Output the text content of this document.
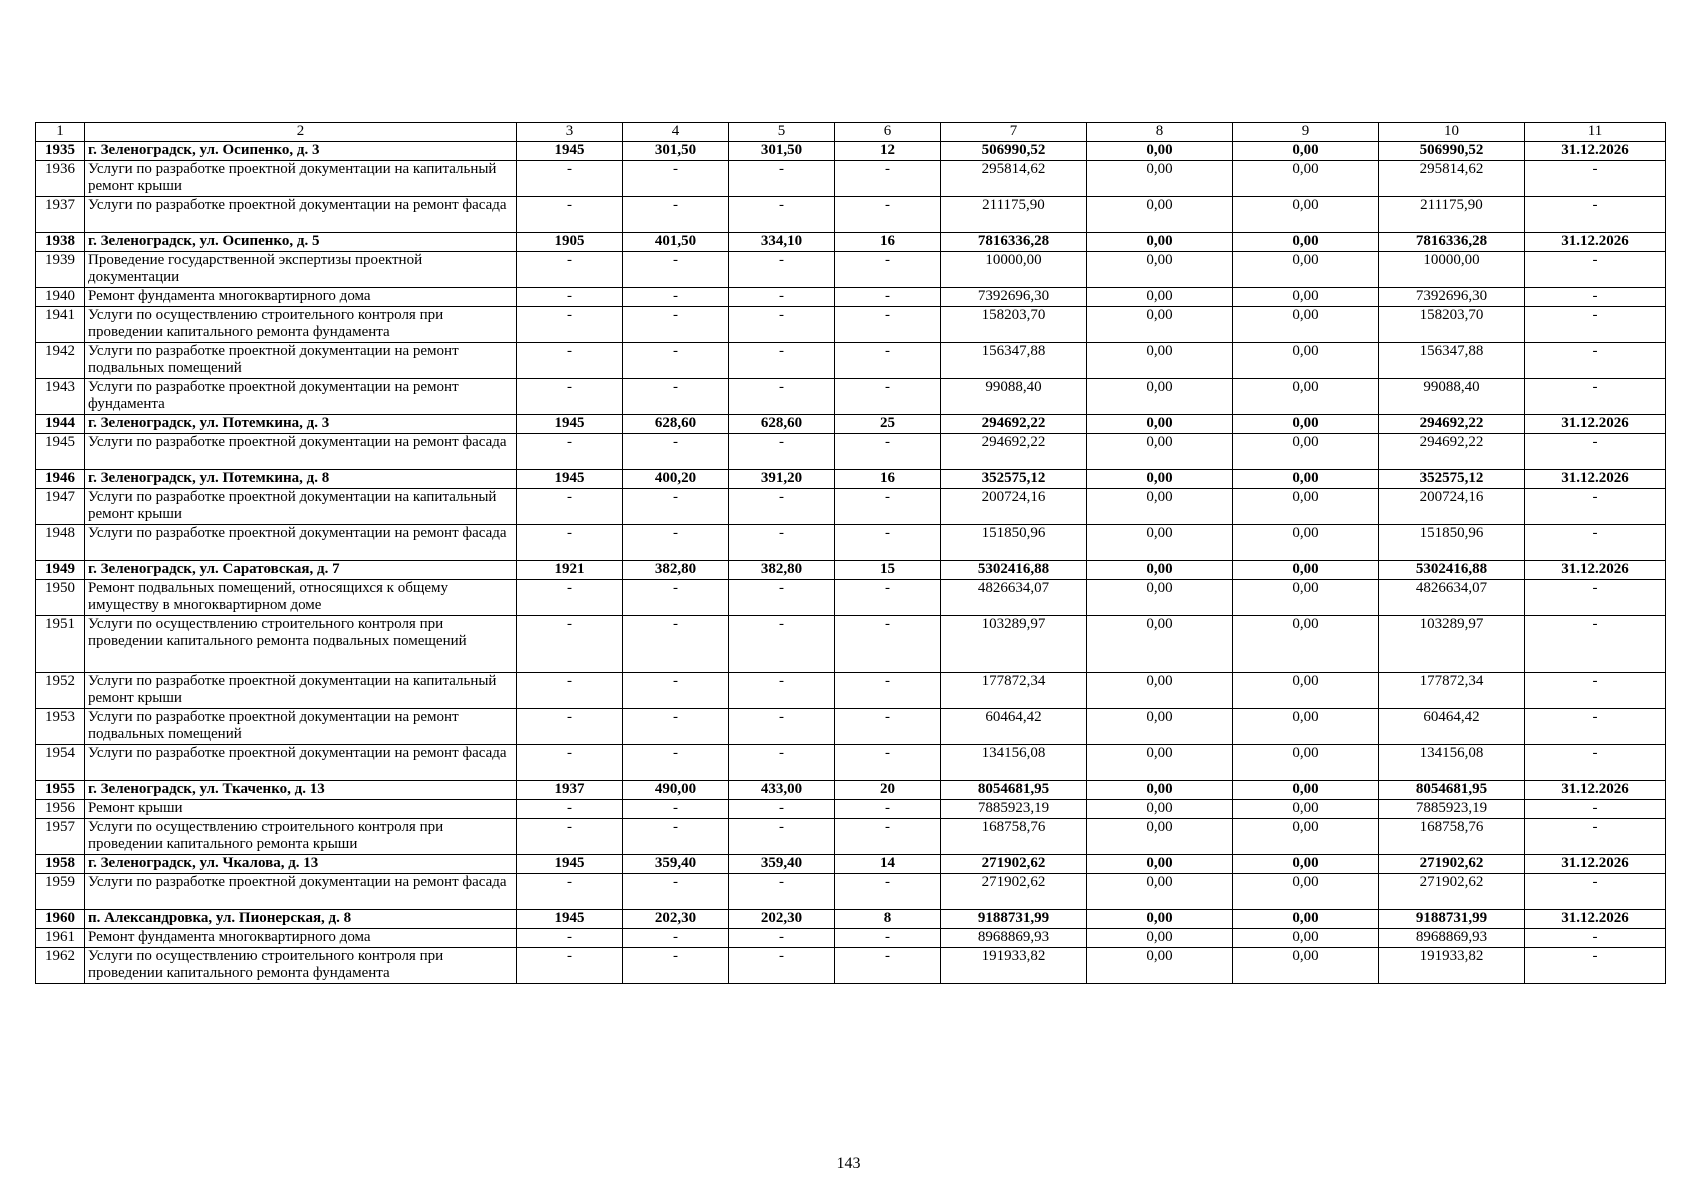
1	2	3	4	5	6	7	8	9	10	11
1935	г. Зеленоградск, ул. Осипенко, д. 3	1945	301,50	301,50	12	506990,52	0,00	0,00	506990,52	31.12.2026
1936	Услуги по разработке проектной документации на капитальный ремонт крыши	-	-	-	-	295814,62	0,00	0,00	295814,62	-
1937	Услуги по разработке проектной документации на ремонт фасада	-	-	-	-	211175,90	0,00	0,00	211175,90	-
1938	г. Зеленоградск, ул. Осипенко, д. 5	1905	401,50	334,10	16	7816336,28	0,00	0,00	7816336,28	31.12.2026
1939	Проведение государственной экспертизы проектной документации	-	-	-	-	10000,00	0,00	0,00	10000,00	-
1940	Ремонт фундамента многоквартирного дома	-	-	-	-	7392696,30	0,00	0,00	7392696,30	-
1941	Услуги по осуществлению строительного контроля при проведении капитального ремонта фундамента	-	-	-	-	158203,70	0,00	0,00	158203,70	-
1942	Услуги по разработке проектной документации на ремонт подвальных помещений	-	-	-	-	156347,88	0,00	0,00	156347,88	-
1943	Услуги по разработке проектной документации на ремонт фундамента	-	-	-	-	99088,40	0,00	0,00	99088,40	-
1944	г. Зеленоградск, ул. Потемкина, д. 3	1945	628,60	628,60	25	294692,22	0,00	0,00	294692,22	31.12.2026
1945	Услуги по разработке проектной документации на ремонт фасада	-	-	-	-	294692,22	0,00	0,00	294692,22	-
1946	г. Зеленоградск, ул. Потемкина, д. 8	1945	400,20	391,20	16	352575,12	0,00	0,00	352575,12	31.12.2026
1947	Услуги по разработке проектной документации на капитальный ремонт крыши	-	-	-	-	200724,16	0,00	0,00	200724,16	-
1948	Услуги по разработке проектной документации на ремонт фасада	-	-	-	-	151850,96	0,00	0,00	151850,96	-
1949	г. Зеленоградск, ул. Саратовская, д. 7	1921	382,80	382,80	15	5302416,88	0,00	0,00	5302416,88	31.12.2026
1950	Ремонт подвальных помещений, относящихся к общему имуществу в многоквартирном доме	-	-	-	-	4826634,07	0,00	0,00	4826634,07	-
1951	Услуги по осуществлению строительного контроля при проведении капитального ремонта подвальных помещений	-	-	-	-	103289,97	0,00	0,00	103289,97	-
1952	Услуги по разработке проектной документации на капитальный ремонт крыши	-	-	-	-	177872,34	0,00	0,00	177872,34	-
1953	Услуги по разработке проектной документации на ремонт подвальных помещений	-	-	-	-	60464,42	0,00	0,00	60464,42	-
1954	Услуги по разработке проектной документации на ремонт фасада	-	-	-	-	134156,08	0,00	0,00	134156,08	-
1955	г. Зеленоградск, ул. Ткаченко, д. 13	1937	490,00	433,00	20	8054681,95	0,00	0,00	8054681,95	31.12.2026
1956	Ремонт крыши	-	-	-	-	7885923,19	0,00	0,00	7885923,19	-
1957	Услуги по осуществлению строительного контроля при проведении капитального ремонта крыши	-	-	-	-	168758,76	0,00	0,00	168758,76	-
1958	г. Зеленоградск, ул. Чкалова, д. 13	1945	359,40	359,40	14	271902,62	0,00	0,00	271902,62	31.12.2026
1959	Услуги по разработке проектной документации на ремонт фасада	-	-	-	-	271902,62	0,00	0,00	271902,62	-
1960	п. Александровка, ул. Пионерская, д. 8	1945	202,30	202,30	8	9188731,99	0,00	0,00	9188731,99	31.12.2026
1961	Ремонт фундамента многоквартирного дома	-	-	-	-	8968869,93	0,00	0,00	8968869,93	-
1962	Услуги по осуществлению строительного контроля при проведении капитального ремонта фундамента	-	-	-	-	191933,82	0,00	0,00	191933,82	-
143
